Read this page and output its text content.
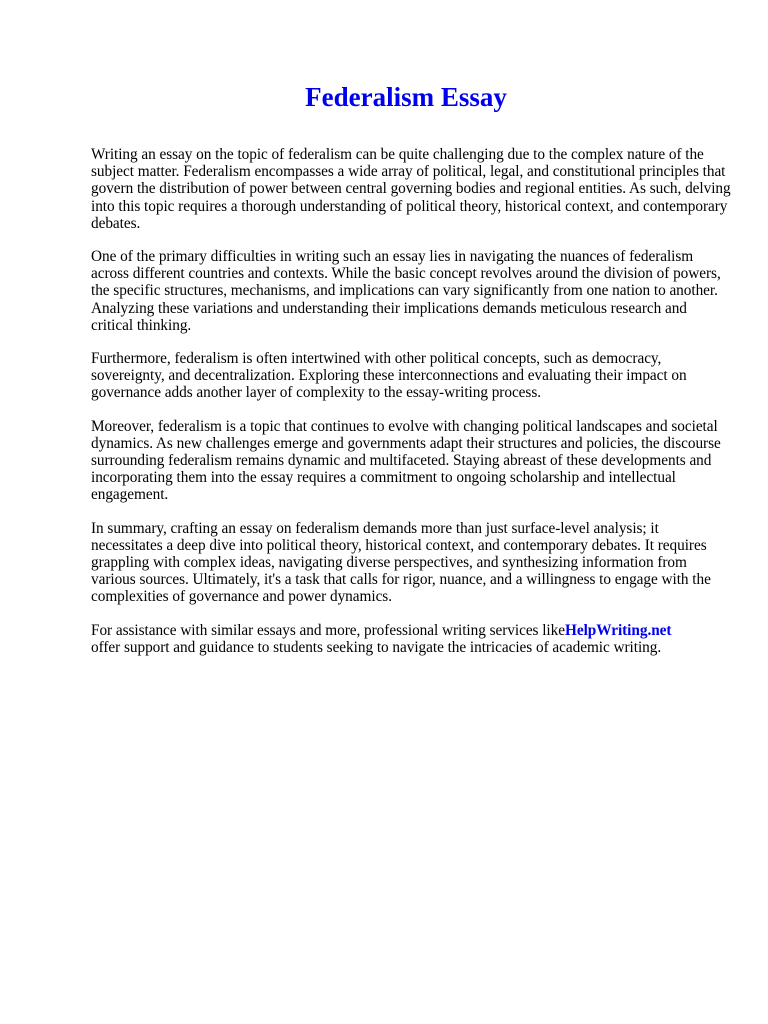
Federalism Essay

Writing an essay on the topic of federalism can be quite challenging due to the complex nature of the subject matter. Federalism encompasses a wide array of political, legal, and constitutional principles that govern the distribution of power between central governing bodies and regional entities. As such, delving into this topic requires a thorough understanding of political theory, historical context, and contemporary debates.

One of the primary difficulties in writing such an essay lies in navigating the nuances of federalism across different countries and contexts. While the basic concept revolves around the division of powers, the specific structures, mechanisms, and implications can vary significantly from one nation to another. Analyzing these variations and understanding their implications demands meticulous research and critical thinking.

Furthermore, federalism is often intertwined with other political concepts, such as democracy, sovereignty, and decentralization. Exploring these interconnections and evaluating their impact on governance adds another layer of complexity to the essay-writing process.

Moreover, federalism is a topic that continues to evolve with changing political landscapes and societal dynamics. As new challenges emerge and governments adapt their structures and policies, the discourse surrounding federalism remains dynamic and multifaceted. Staying abreast of these developments and incorporating them into the essay requires a commitment to ongoing scholarship and intellectual engagement.

In summary, crafting an essay on federalism demands more than just surface-level analysis; it necessitates a deep dive into political theory, historical context, and contemporary debates. It requires grappling with complex ideas, navigating diverse perspectives, and synthesizing information from various sources. Ultimately, it's a task that calls for rigor, nuance, and a willingness to engage with the complexities of governance and power dynamics.

For assistance with similar essays and more, professional writing services likeHelpWriting.net
offer support and guidance to students seeking to navigate the intricacies of academic writing.
